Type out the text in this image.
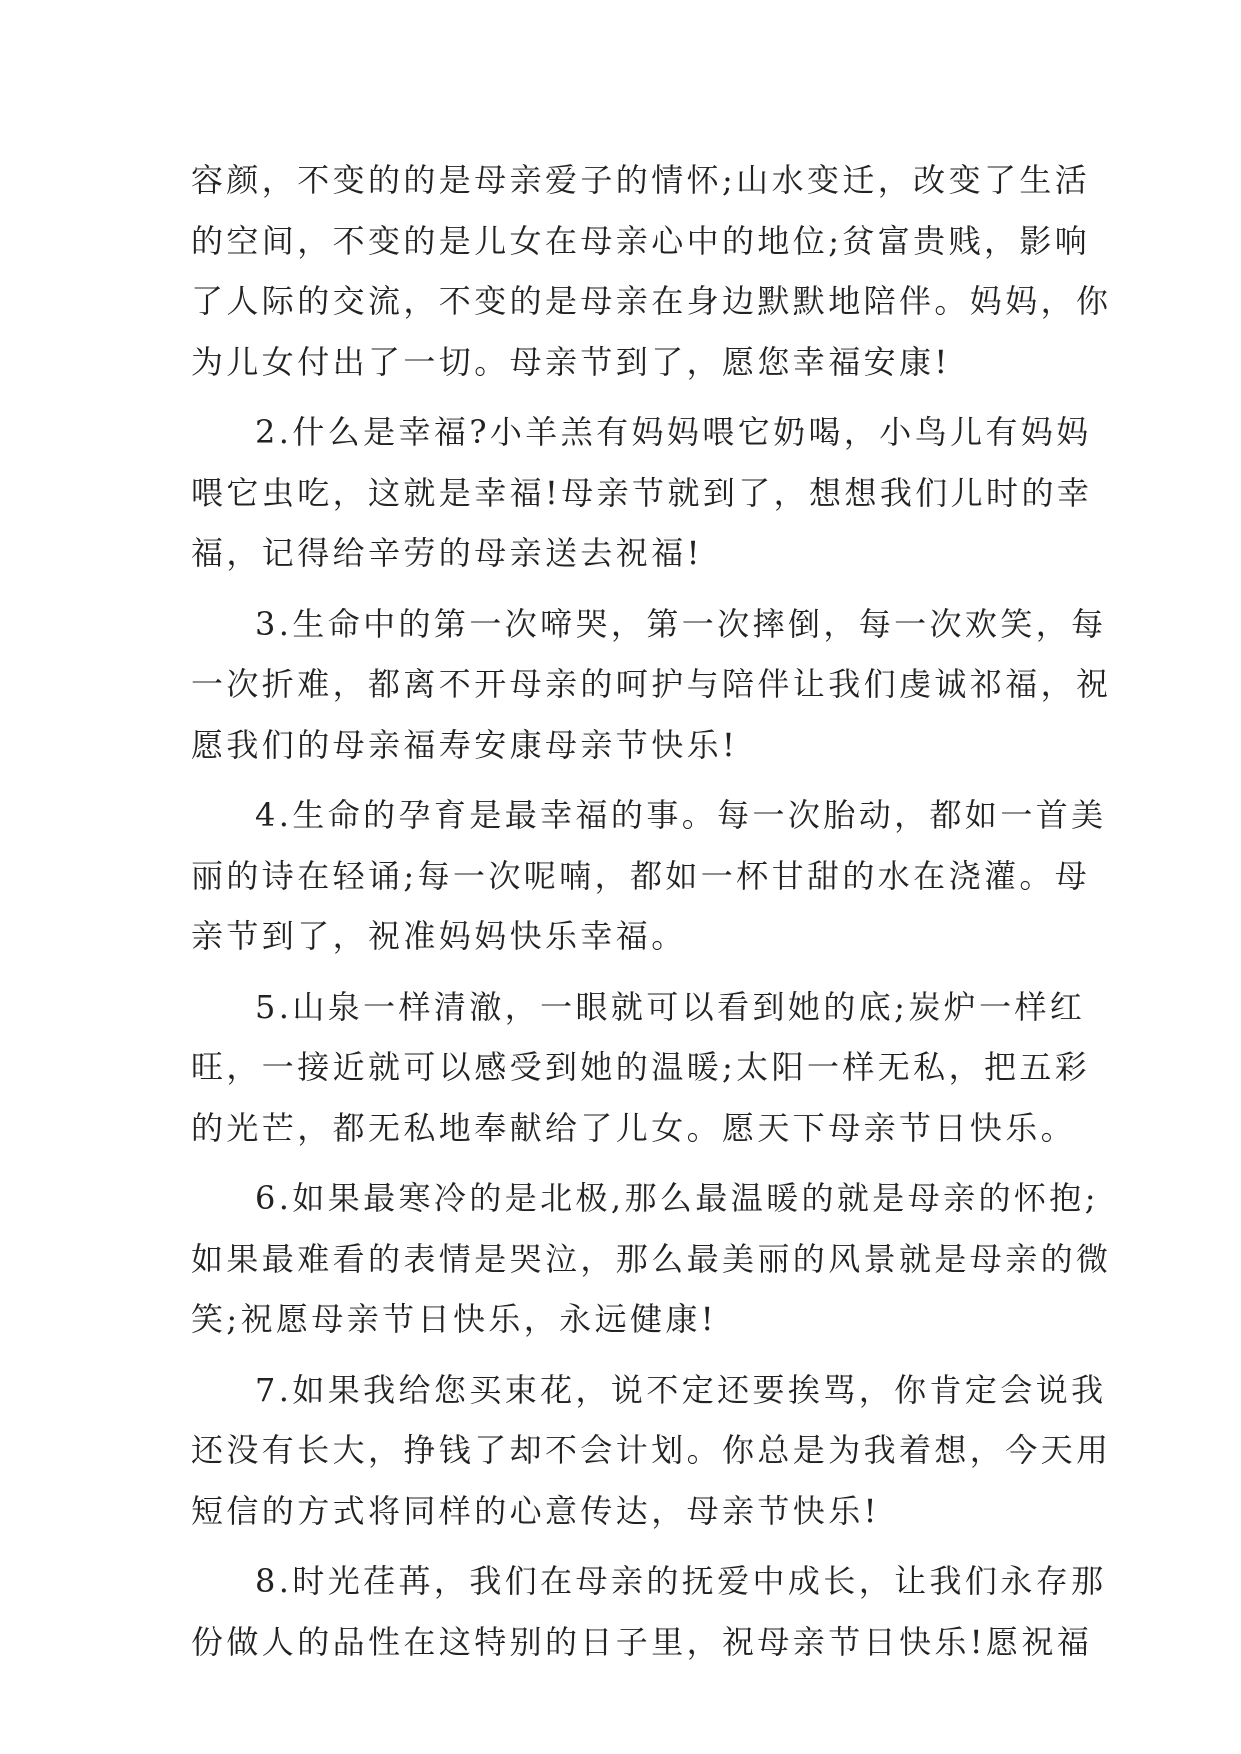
容颜，不变的的是母亲爱子的情怀;山水变迁，改变了生活
的空间，不变的是儿女在母亲心中的地位;贫富贵贱，影响
了人际的交流，不变的是母亲在身边默默地陪伴。妈妈，你
为儿女付出了一切。母亲节到了，愿您幸福安康!
2.什么是幸福?小羊羔有妈妈喂它奶喝，小鸟儿有妈妈
喂它虫吃，这就是幸福!母亲节就到了，想想我们儿时的幸
福，记得给辛劳的母亲送去祝福!
3.生命中的第一次啼哭，第一次摔倒，每一次欢笑，每
一次折难，都离不开母亲的呵护与陪伴让我们虔诚祁福，祝
愿我们的母亲福寿安康母亲节快乐!
4.生命的孕育是最幸福的事。每一次胎动，都如一首美
丽的诗在轻诵;每一次呢喃，都如一杯甘甜的水在浇灌。母
亲节到了，祝准妈妈快乐幸福。
5.山泉一样清澈，一眼就可以看到她的底;炭炉一样红
旺，一接近就可以感受到她的温暖;太阳一样无私，把五彩
的光芒，都无私地奉献给了儿女。愿天下母亲节日快乐。
6.如果最寒冷的是北极,那么最温暖的就是母亲的怀抱;
如果最难看的表情是哭泣，那么最美丽的风景就是母亲的微
笑;祝愿母亲节日快乐，永远健康!
7.如果我给您买束花，说不定还要挨骂，你肯定会说我
还没有长大，挣钱了却不会计划。你总是为我着想，今天用
短信的方式将同样的心意传达，母亲节快乐!
8.时光荏苒，我们在母亲的抚爱中成长，让我们永存那
份做人的品性在这特别的日子里，祝母亲节日快乐!愿祝福
